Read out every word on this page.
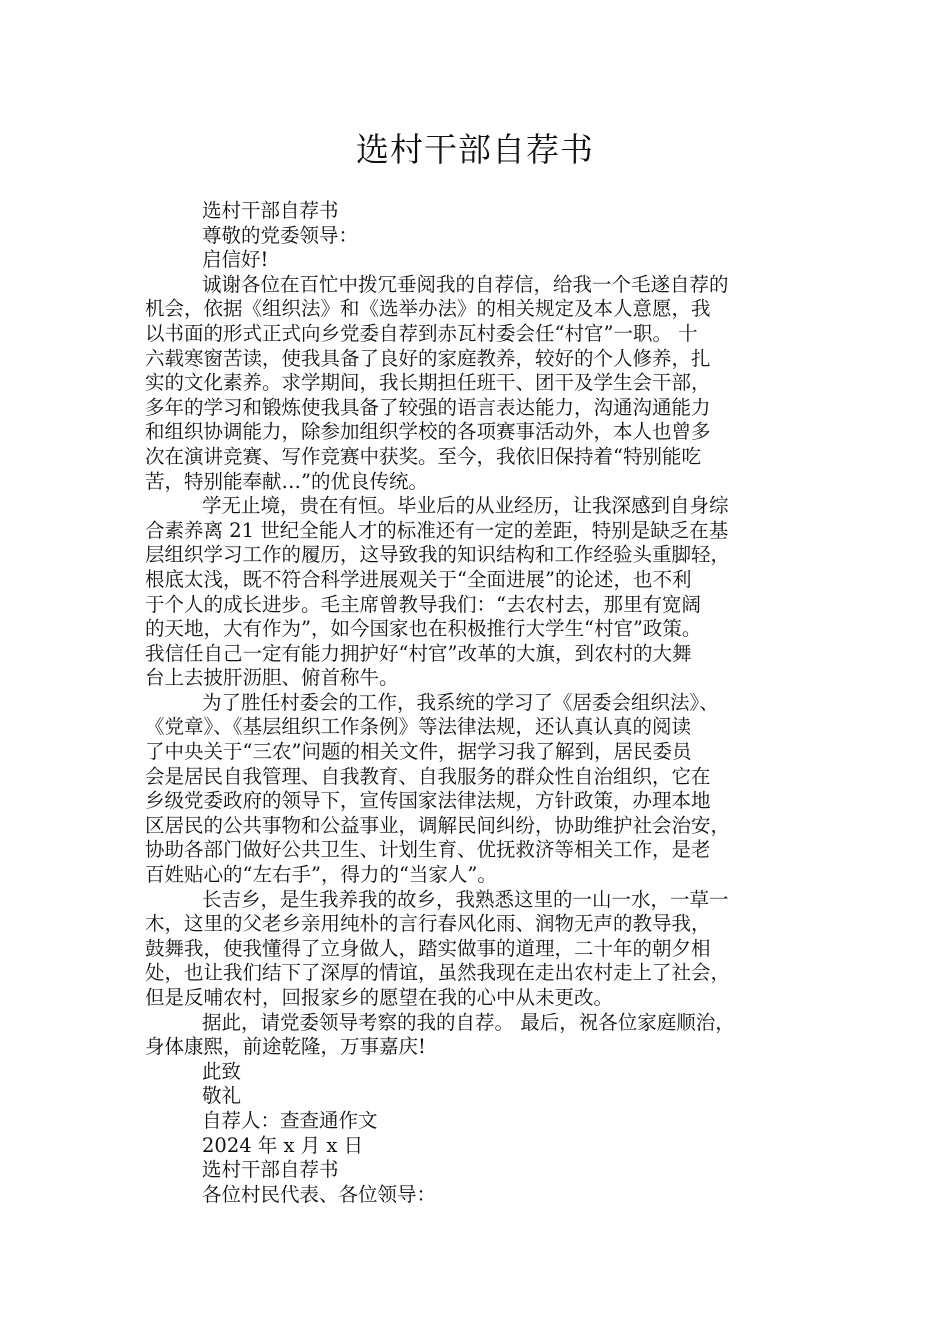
选村干部自荐书
选村干部自荐书
尊敬的党委领导：
启信好!
诚谢各位在百忙中拨冗垂阅我的自荐信，给我一个毛遂自荐的
机会，依据《组织法》和《选举办法》的相关规定及本人意愿，我
以书面的形式正式向乡党委自荐到赤瓦村委会任“村官”一职。 十
六载寒窗苦读，使我具备了良好的家庭教养，较好的个人修养，扎
实的文化素养。求学期间，我长期担任班干、团干及学生会干部，
多年的学习和锻炼使我具备了较强的语言表达能力，沟通沟通能力
和组织协调能力，除参加组织学校的各项赛事活动外，本人也曾多
次在演讲竞赛、写作竞赛中获奖。至今，我依旧保持着“特别能吃
苦，特别能奉献…”的优良传统。
学无止境，贵在有恒。毕业后的从业经历，让我深感到自身综
合素养离 21 世纪全能人才的标准还有一定的差距，特别是缺乏在基
层组织学习工作的履历，这导致我的知识结构和工作经验头重脚轻，
根底太浅，既不符合科学进展观关于“全面进展”的论述，也不利
于个人的成长进步。毛主席曾教导我们：“去农村去，那里有宽阔
的天地，大有作为”，如今国家也在积极推行大学生“村官”政策。
我信任自己一定有能力拥护好“村官”改革的大旗，到农村的大舞
台上去披肝沥胆、俯首称牛。
为了胜任村委会的工作，我系统的学习了《居委会组织法》、
《党章》、《基层组织工作条例》等法律法规，还认真认真的阅读
了中央关于“三农”问题的相关文件，据学习我了解到，居民委员
会是居民自我管理、自我教育、自我服务的群众性自治组织，它在
乡级党委政府的领导下，宣传国家法律法规，方针政策，办理本地
区居民的公共事物和公益事业，调解民间纠纷，协助维护社会治安，
协助各部门做好公共卫生、计划生育、优抚救济等相关工作，是老
百姓贴心的“左右手”，得力的“当家人”。
长吉乡，是生我养我的故乡，我熟悉这里的一山一水，一草一
木，这里的父老乡亲用纯朴的言行春风化雨、润物无声的教导我，
鼓舞我，使我懂得了立身做人，踏实做事的道理，二十年的朝夕相
处，也让我们结下了深厚的情谊，虽然我现在走出农村走上了社会，
但是反哺农村，回报家乡的愿望在我的心中从未更改。
据此，请党委领导考察的我的自荐。 最后，祝各位家庭顺治，
身体康熙，前途乾隆，万事嘉庆!
此致
敬礼
自荐人：查查通作文
2024 年 x 月 x 日
选村干部自荐书
各位村民代表、各位领导：
